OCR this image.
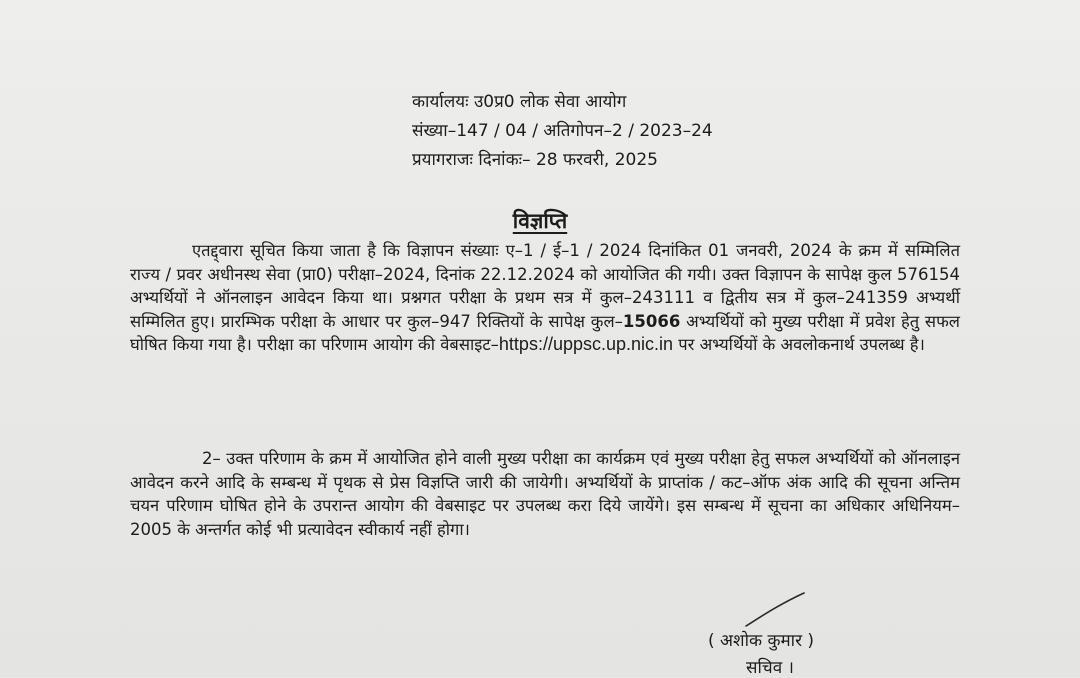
कार्यालयः उ0प्र0 लोक सेवा आयोग
संख्या–147 / 04 / अतिगोपन–2 / 2023–24
प्रयागराजः दिनांकः– 28 फरवरी, 2025
विज्ञप्ति
एतद्द्वारा सूचित किया जाता है कि विज्ञापन संख्याः ए–1 / ई–1 / 2024 दिनांकित 01 जनवरी, 2024 के क्रम में सम्मिलित राज्य / प्रवर अधीनस्थ सेवा (प्रा0) परीक्षा–2024, दिनांक 22.12.2024 को आयोजित की गयी। उक्त विज्ञापन के सापेक्ष कुल 576154 अभ्यर्थियों ने ऑनलाइन आवेदन किया था। प्रश्नगत परीक्षा के प्रथम सत्र में कुल–243111 व द्वितीय सत्र में कुल–241359 अभ्यर्थी सम्मिलित हुए। प्रारम्भिक परीक्षा के आधार पर कुल–947 रिक्तियों के सापेक्ष कुल–15066 अभ्यर्थियों को मुख्य परीक्षा में प्रवेश हेतु सफल घोषित किया गया है। परीक्षा का परिणाम आयोग की वेबसाइट–https://uppsc.up.nic.in पर अभ्यर्थियों के अवलोकनार्थ उपलब्ध है।
2– उक्त परिणाम के क्रम में आयोजित होने वाली मुख्य परीक्षा का कार्यक्रम एवं मुख्य परीक्षा हेतु सफल अभ्यर्थियों को ऑनलाइन आवेदन करने आदि के सम्बन्ध में पृथक से प्रेस विज्ञप्ति जारी की जायेगी। अभ्यर्थियों के प्राप्तांक / कट–ऑफ अंक आदि की सूचना अन्तिम चयन परिणाम घोषित होने के उपरान्त आयोग की वेबसाइट पर उपलब्ध करा दिये जायेंगे। इस सम्बन्ध में सूचना का अधिकार अधिनियम–2005 के अन्तर्गत कोई भी प्रत्यावेदन स्वीकार्य नहीं होगा।
( अशोक कुमार )
सचिव ।
